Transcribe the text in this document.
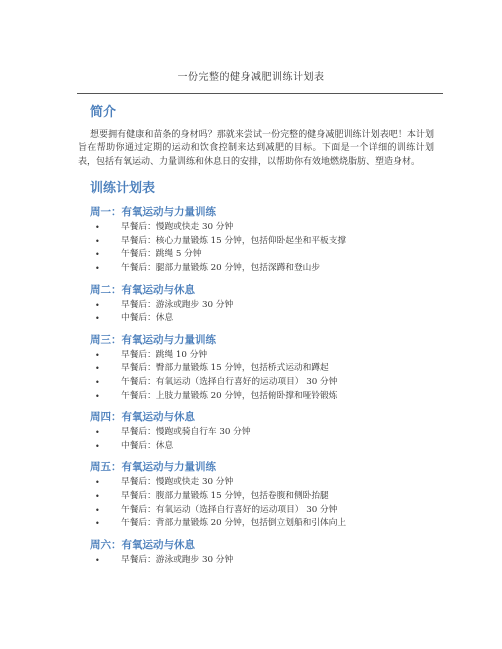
一份完整的健身减肥训练计划表
简介

想要拥有健康和苗条的身材吗？那就来尝试一份完整的健身减肥训练计划表吧！本计划旨在帮助你通过定期的运动和饮食控制来达到减肥的目标。下面是一个详细的训练计划表，包括有氧运动、力量训练和休息日的安排，以帮助你有效地燃烧脂肪、塑造身材。

训练计划表
周一：有氧运动与力量训练
• 早餐后：慢跑或快走 30 分钟
• 早餐后：核心力量锻炼 15 分钟，包括仰卧起坐和平板支撑
• 午餐后：跳绳 5 分钟
• 午餐后：腿部力量锻炼 20 分钟，包括深蹲和登山步
周二：有氧运动与休息
• 早餐后：游泳或跑步 30 分钟
• 中餐后：休息
周三：有氧运动与力量训练
• 早餐后：跳绳 10 分钟
• 早餐后：臀部力量锻炼 15 分钟，包括桥式运动和蹲起
• 午餐后：有氧运动（选择自行喜好的运动项目） 30 分钟
• 午餐后：上肢力量锻炼 20 分钟，包括俯卧撑和哑铃锻炼
周四：有氧运动与休息
• 早餐后：慢跑或骑自行车 30 分钟
• 中餐后：休息
周五：有氧运动与力量训练
• 早餐后：慢跑或快走 30 分钟
• 早餐后：腹部力量锻炼 15 分钟，包括卷腹和侧卧抬腿
• 午餐后：有氧运动（选择自行喜好的运动项目） 30 分钟
• 午餐后：背部力量锻炼 20 分钟，包括倒立划船和引体向上
周六：有氧运动与休息
• 早餐后：游泳或跑步 30 分钟
